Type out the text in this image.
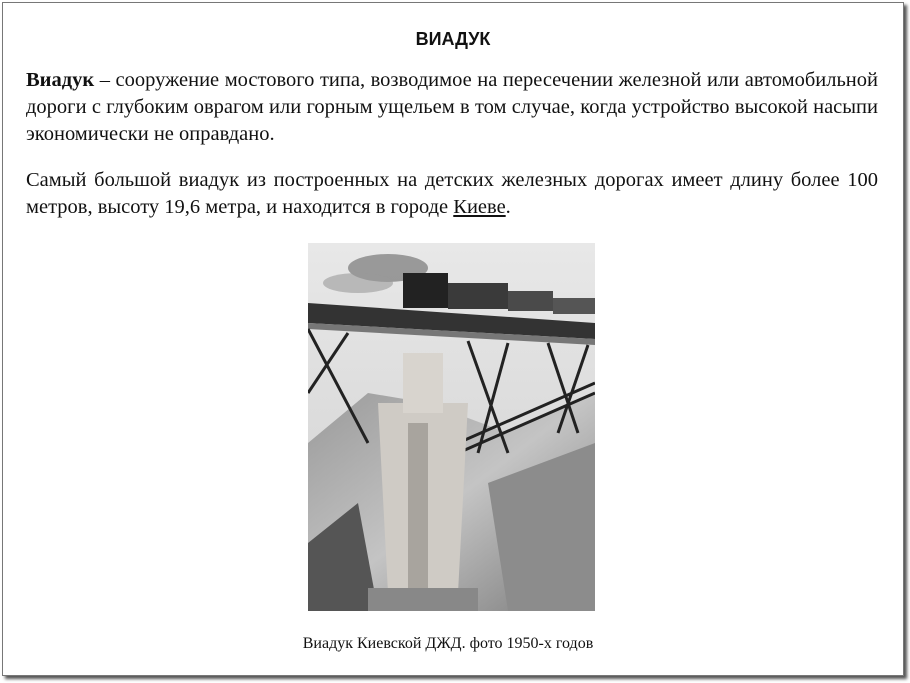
ВИАДУК
Виадук – сооружение мостового типа, возводимое на пересечении железной или автомобильной дороги с глубоким оврагом или горным ущельем в том случае, когда устройство высокой насыпи экономически не оправдано.
Самый большой виадук из построенных на детских железных дорогах имеет длину более 100 метров, высоту 19,6 метра, и находится в городе Киеве.
Виадук Киевской ДЖД. фото 1950-х годов
